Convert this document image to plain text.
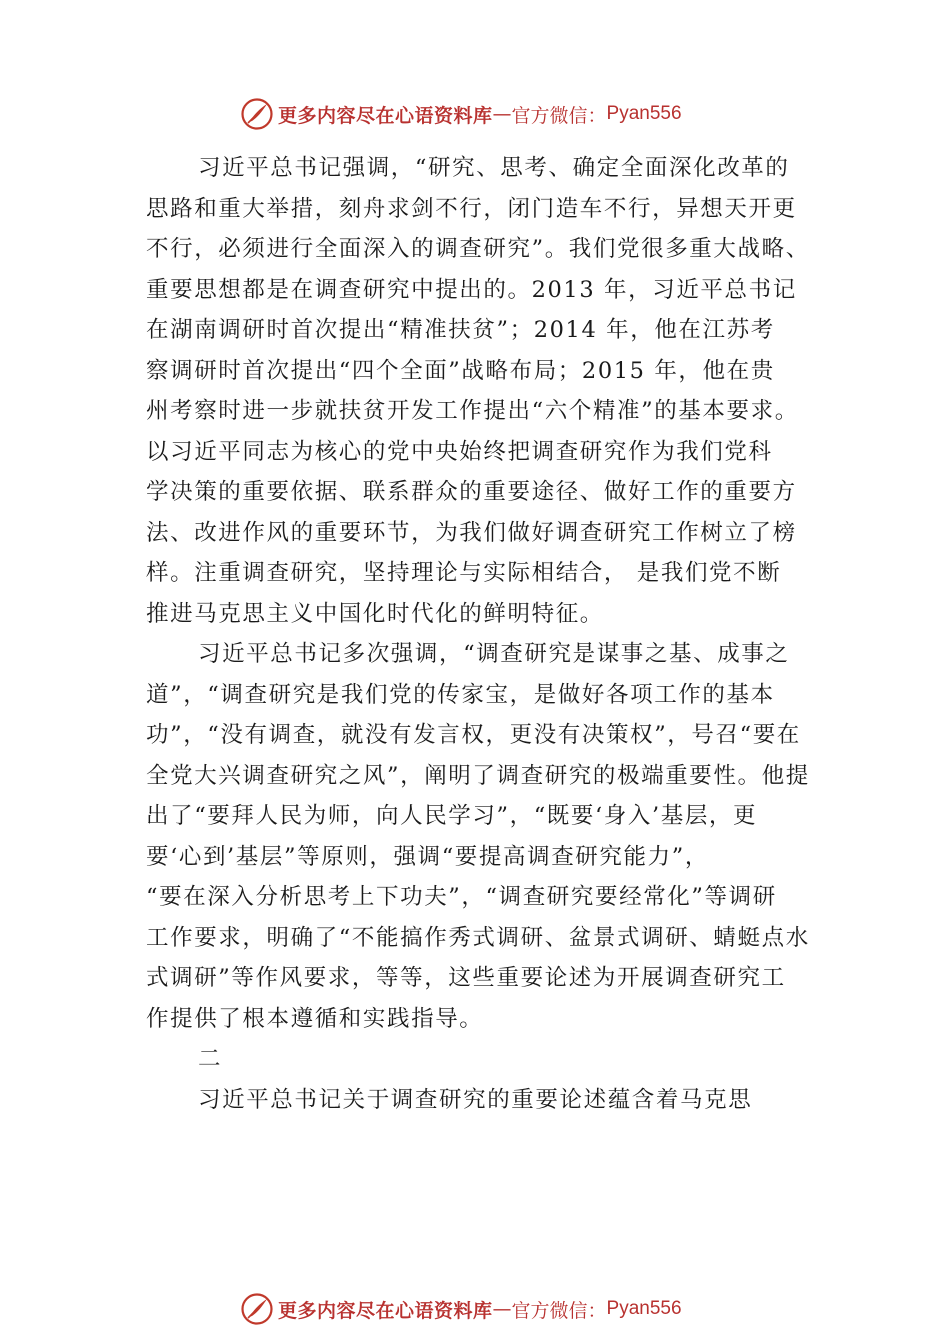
更多内容尽在心语资料库 — 官方微信： Pyan556
习近平总书记强调，“研究、思考、确定全面深化改革的
思路和重大举措，刻舟求剑不行，闭门造车不行，异想天开更
不行，必须进行全面深入的调查研究”。我们党很多重大战略、
重要思想都是在调查研究中提出的。2013 年，习近平总书记
在湖南调研时首次提出“精准扶贫”；2014 年，他在江苏考
察调研时首次提出“四个全面”战略布局；2015 年，他在贵
州考察时进一步就扶贫开发工作提出“六个精准”的基本要求。
以习近平同志为核心的党中央始终把调查研究作为我们党科
学决策的重要依据、联系群众的重要途径、做好工作的重要方
法、改进作风的重要环节，为我们做好调查研究工作树立了榜
样。注重调查研究，坚持理论与实际相结合， 是我们党不断
推进马克思主义中国化时代化的鲜明特征。
习近平总书记多次强调，“调查研究是谋事之基、成事之
道”，“调查研究是我们党的传家宝，是做好各项工作的基本
功”，“没有调查，就没有发言权，更没有决策权”，号召“要在
全党大兴调查研究之风”，阐明了调查研究的极端重要性。他提
出了“要拜人民为师，向人民学习”，“既要‘身入’基层，更
要‘心到’基层”等原则，强调“要提高调查研究能力”，
“要在深入分析思考上下功夫”，“调查研究要经常化”等调研
工作要求，明确了“不能搞作秀式调研、盆景式调研、蜻蜓点水
式调研”等作风要求，等等，这些重要论述为开展调查研究工
作提供了根本遵循和实践指导。
二
习近平总书记关于调查研究的重要论述蕴含着马克思
更多内容尽在心语资料库 — 官方微信： Pyan556
